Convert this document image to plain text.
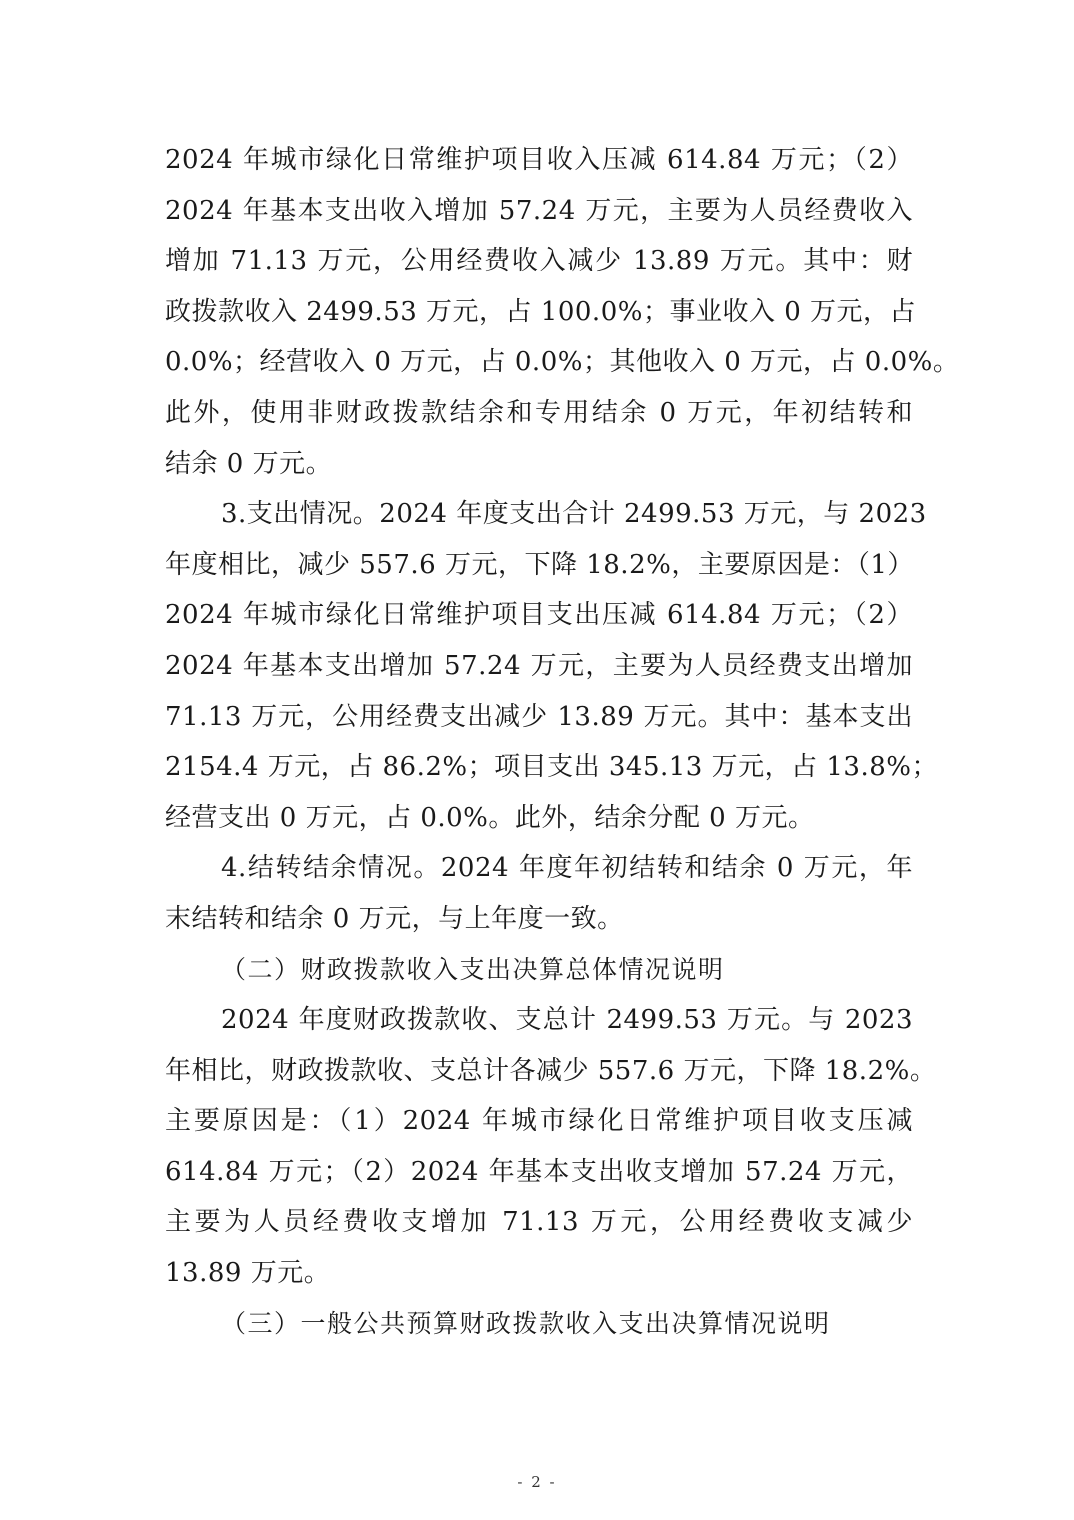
2024 年城市绿化日常维护项目收入压减 614.84 万元；（2）
2024 年基本支出收入增加 57.24 万元，主要为人员经费收入
增加 71.13 万元，公用经费收入减少 13.89 万元。其中：财
政拨款收入 2499.53 万元，占 100.0%；事业收入 0 万元，占
0.0%；经营收入 0 万元，占 0.0%；其他收入 0 万元，占 0.0%。
此外，使用非财政拨款结余和专用结余 0 万元，年初结转和
结余 0 万元。
3.支出情况。2024 年度支出合计 2499.53 万元，与 2023
年度相比，减少 557.6 万元，下降 18.2%，主要原因是：（1）
2024 年城市绿化日常维护项目支出压减 614.84 万元；（2）
2024 年基本支出增加 57.24 万元，主要为人员经费支出增加
71.13 万元，公用经费支出减少 13.89 万元。其中：基本支出
2154.4 万元，占 86.2%；项目支出 345.13 万元，占 13.8%；
经营支出 0 万元，占 0.0%。此外，结余分配 0 万元。
4.结转结余情况。2024 年度年初结转和结余 0 万元，年
末结转和结余 0 万元，与上年度一致。
（二）财政拨款收入支出决算总体情况说明
2024 年度财政拨款收、支总计 2499.53 万元。与 2023
年相比，财政拨款收、支总计各减少 557.6 万元，下降 18.2%。
主要原因是：（1）2024 年城市绿化日常维护项目收支压减
614.84 万元；（2）2024 年基本支出收支增加 57.24 万元，
主要为人员经费收支增加 71.13 万元，公用经费收支减少
13.89 万元。
（三）一般公共预算财政拨款收入支出决算情况说明
- 2 -
